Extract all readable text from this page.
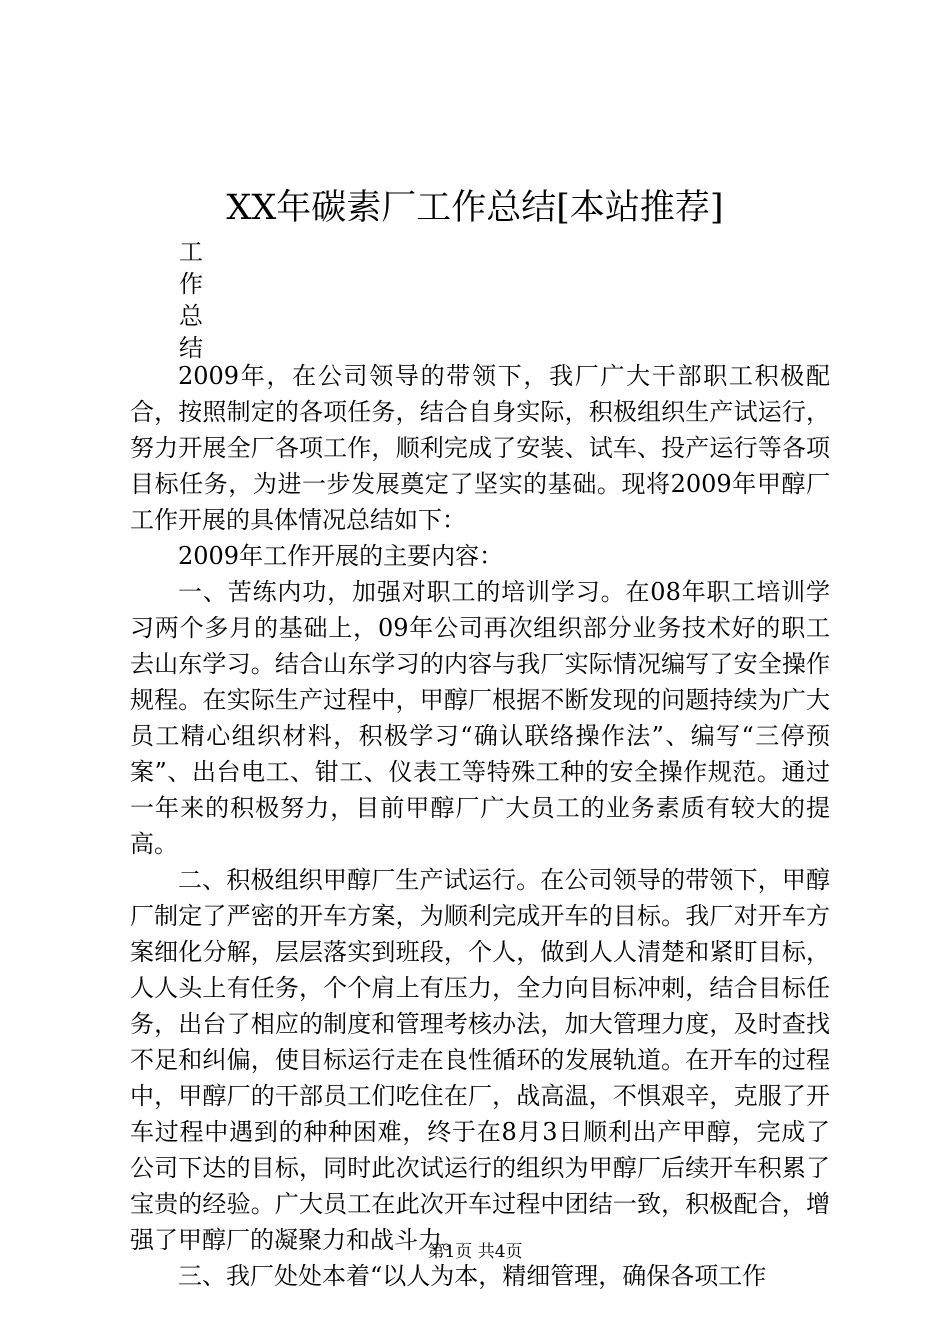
XX年碳素厂工作总结[本站推荐]
工
作
总
结

2009年，在公司领导的带领下，我厂广大干部职工积极配合，按照制定的各项任务，结合自身实际，积极组织生产试运行，努力开展全厂各项工作，顺利完成了安装、试车、投产运行等各项目标任务，为进一步发展奠定了坚实的基础。现将2009年甲醇厂工作开展的具体情况总结如下：

2009年工作开展的主要内容：

一、苦练内功，加强对职工的培训学习。在08年职工培训学习两个多月的基础上，09年公司再次组织部分业务技术好的职工去山东学习。结合山东学习的内容与我厂实际情况编写了安全操作规程。在实际生产过程中，甲醇厂根据不断发现的问题持续为广大员工精心组织材料，积极学习“确认联络操作法”、编写“三停预案”、出台电工、钳工、仪表工等特殊工种的安全操作规范。通过一年来的积极努力，目前甲醇厂广大员工的业务素质有较大的提高。

二、积极组织甲醇厂生产试运行。在公司领导的带领下，甲醇厂制定了严密的开车方案，为顺利完成开车的目标。我厂对开车方案细化分解，层层落实到班段，个人，做到人人清楚和紧盯目标，人人头上有任务，个个肩上有压力，全力向目标冲刺，结合目标任务，出台了相应的制度和管理考核办法，加大管理力度，及时查找不足和纠偏，使目标运行走在良性循环的发展轨道。在开车的过程中，甲醇厂的干部员工们吃住在厂，战高温，不惧艰辛，克服了开车过程中遇到的种种困难，终于在8月3日顺利出产甲醇，完成了公司下达的目标，同时此次试运行的组织为甲醇厂后续开车积累了宝贵的经验。广大员工在此次开车过程中团结一致，积极配合，增强了甲醇厂的凝聚力和战斗力。

三、我厂处处本着“以人为本，精细管理，确保各项工作

第1页 共4页
